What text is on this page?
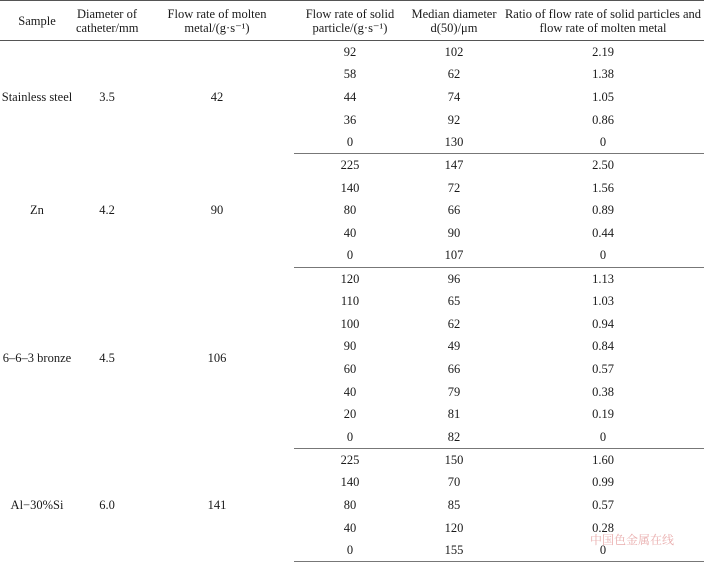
Sample	Diameter of catheter/mm	Flow rate of molten metal/(g·s⁻¹)	Flow rate of solid particle/(g·s⁻¹)	Median diameter d(50)/μm	Ratio of flow rate of solid particles and flow rate of molten metal
Stainless steel	3.5	42	92	102	2.19
			58	62	1.38
			44	74	1.05
			36	92	0.86
			0	130	0
Zn	4.2	90	225	147	2.50
			140	72	1.56
			80	66	0.89
			40	90	0.44
			0	107	0
6–6–3 bronze	4.5	106	120	96	1.13
			110	65	1.03
			100	62	0.94
			90	49	0.84
			60	66	0.57
			40	79	0.38
			20	81	0.19
			0	82	0
Al−30%Si	6.0	141	225	150	1.60
			140	70	0.99
			80	85	0.57
			40	120	0.28
			0	155	0
中国色金属在线
